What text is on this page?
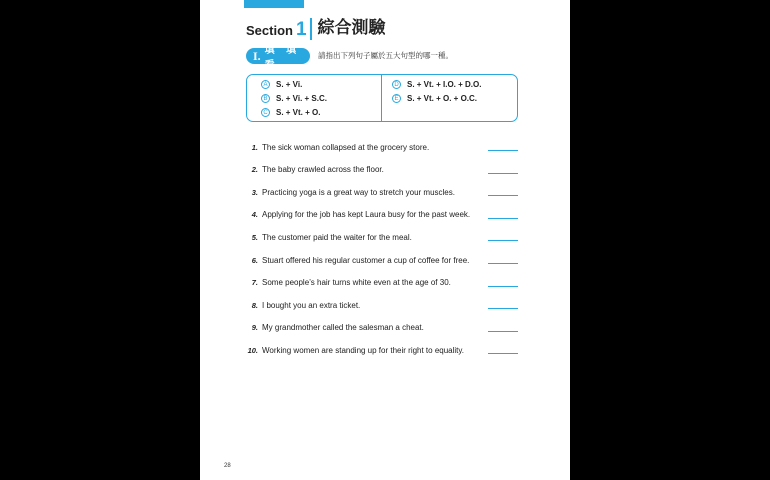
Section 1 綜合測驗
I. 填 填 看
請指出下列句子屬於五大句型的哪一種。
A	S. + Vi.
B	S. + Vi. + S.C.
C S. + Vt. + O.
D S. + Vt. + I.O. + D.O.
E	S. + Vt. + O. + O.C.
1. The sick woman collapsed at the grocery store.
2. The baby crawled across the floor.
3. Practicing yoga is a great way to stretch your muscles.
4. Applying for the job has kept Laura busy for the past week.
5. The customer paid the waiter for the meal.
6. Stuart offered his regular customer a cup of coffee for free.
7. Some people’s hair turns white even at the age of 30.
8. I bought you an extra ticket.
9. My grandmother called the salesman a cheat.
10. Working women are standing up for their right to equality.
28
